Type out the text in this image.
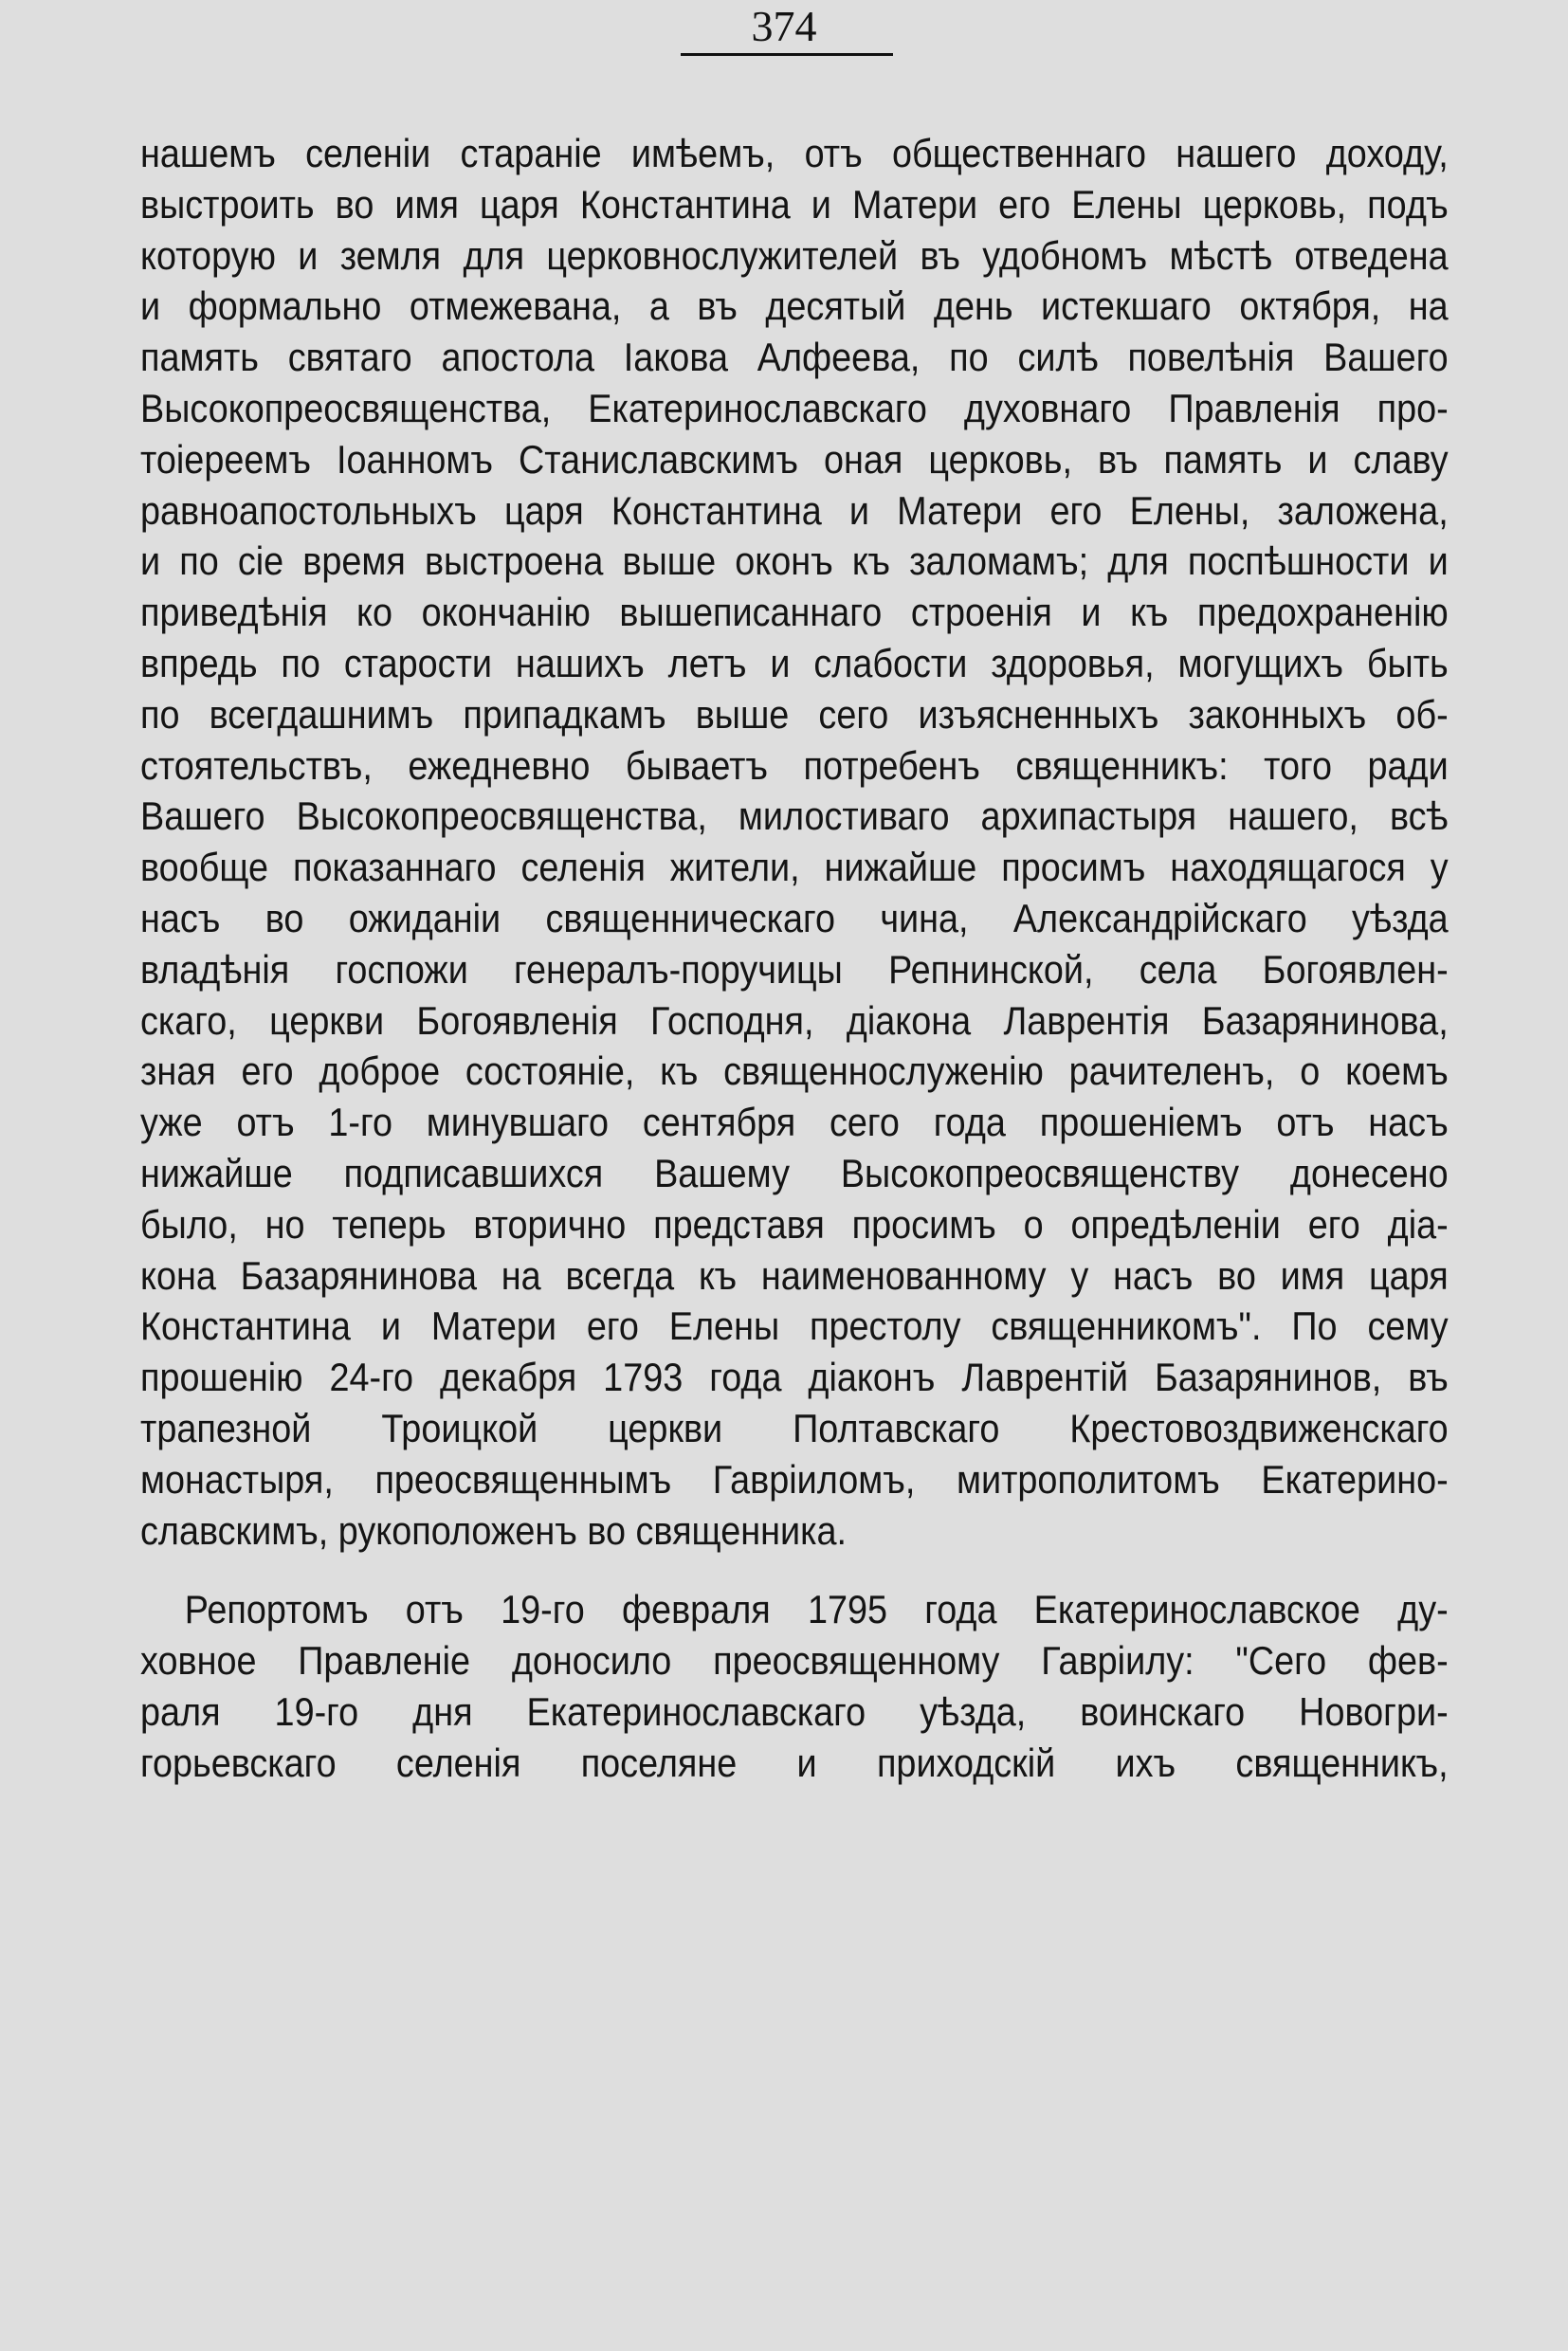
374
нашемъ селеніи стараніе имѣемъ, отъ общественнаго нашего доходу,
выстроить во имя царя Константина и Матери его Елены церковь, подъ
которую и земля для церковнослужителей въ удобномъ мѣстѣ отведена
и формально отмежевана, а въ десятый день истекшаго октября, на
память святаго апостола Іакова Алфеева, по силѣ повелѣнія Вашего
Высокопреосвященства, Екатеринославскаго духовнаго Правленія про-
тоіереемъ Іоанномъ Станиславскимъ оная церковь, въ память и славу
равноапостольныхъ царя Константина и Матери его Елены, заложена,
и по сіе время выстроена выше оконъ къ заломамъ; для поспѣшности и
приведѣнія ко окончанію вышеписаннаго строенія и къ предохраненію
впредь по старости нашихъ летъ и слабости здоровья, могущихъ быть
по всегдашнимъ припадкамъ выше сего изъясненныхъ законныхъ об-
стоятельствъ, ежедневно бываетъ потребенъ священникъ: того ради
Вашего Высокопреосвященства, милостиваго архипастыря нашего, всѣ
вообще показаннаго селенія жители, нижайше просимъ находящагося у
насъ во ожиданіи священническаго чина, Александрійскаго уѣзда
владѣнія госпожи генералъ-поручицы Репнинской, села Богоявлен-
скаго, церкви Богоявленія Господня, діакона Лаврентія Базарянинова,
зная его доброе состояніе, къ священнослуженію рачителенъ, о коемъ
уже отъ 1-го минувшаго сентября сего года прошеніемъ отъ насъ
нижайше подписавшихся Вашему Высокопреосвященству донесено
было, но теперь вторично представя просимъ о опредѣленіи его діа-
кона Базарянинова на всегда къ наименованному у насъ во имя царя
Константина и Матери его Елены престолу священникомъ". По сему
прошенію 24-го декабря 1793 года діаконъ Лаврентій Базарянинов, въ
трапезной Троицкой церкви Полтавскаго Крестовоздвиженскаго
монастыря, преосвященнымъ Гавріиломъ, митрополитомъ Екатерино-
славскимъ, рукоположенъ во священника.
Репортомъ отъ 19-го февраля 1795 года Екатеринославское ду-
ховное Правленіе доносило преосвященному Гавріилу: "Сего фев-
раля 19-го дня Екатеринославскаго уѣзда, воинскаго Новогри-
горьевскаго селенія поселяне и приходскій ихъ священникъ,
